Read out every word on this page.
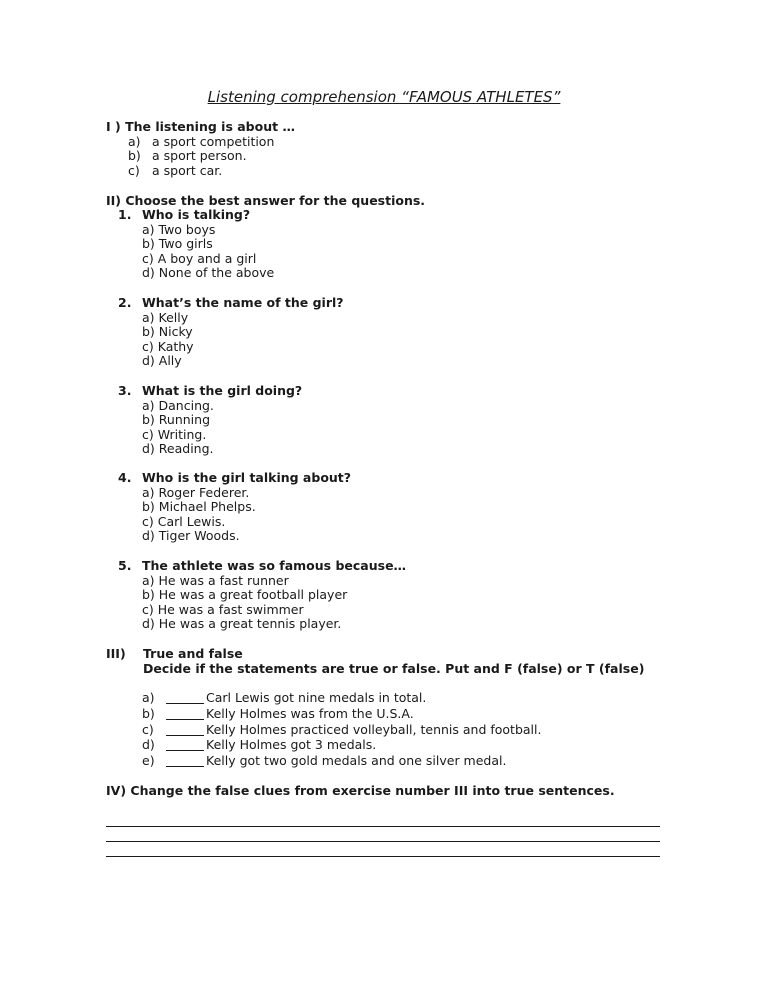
Listening comprehension “FAMOUS ATHLETES”
I ) The listening is about …
a) a sport competition
b) a sport person.
c) a sport car.
II) Choose the best answer for the questions.
1. Who is talking?
a) Two boys
b) Two girls
c) A boy and a girl
d) None of the above
2. What’s the name of the girl?
a) Kelly
b) Nicky
c) Kathy
d) Ally
3. What is the girl doing?
a) Dancing.
b) Running
c) Writing.
d) Reading.
4. Who is the girl talking about?
a) Roger Federer.
b) Michael Phelps.
c) Carl Lewis.
d) Tiger Woods.
5. The athlete was so famous because…
a) He was a fast runner
b) He was a great football player
c) He was a fast swimmer
d) He was a great tennis player.
III) True and false
Decide if the statements are true or false. Put and F (false) or T (false)
a)	Carl Lewis got nine medals in total.
b)	Kelly Holmes was from the U.S.A.
c)	Kelly Holmes practiced volleyball, tennis and football.
d)	Kelly Holmes got 3 medals.
e)	Kelly got two gold medals and one silver medal.
IV) Change the false clues from exercise number III into true sentences.
